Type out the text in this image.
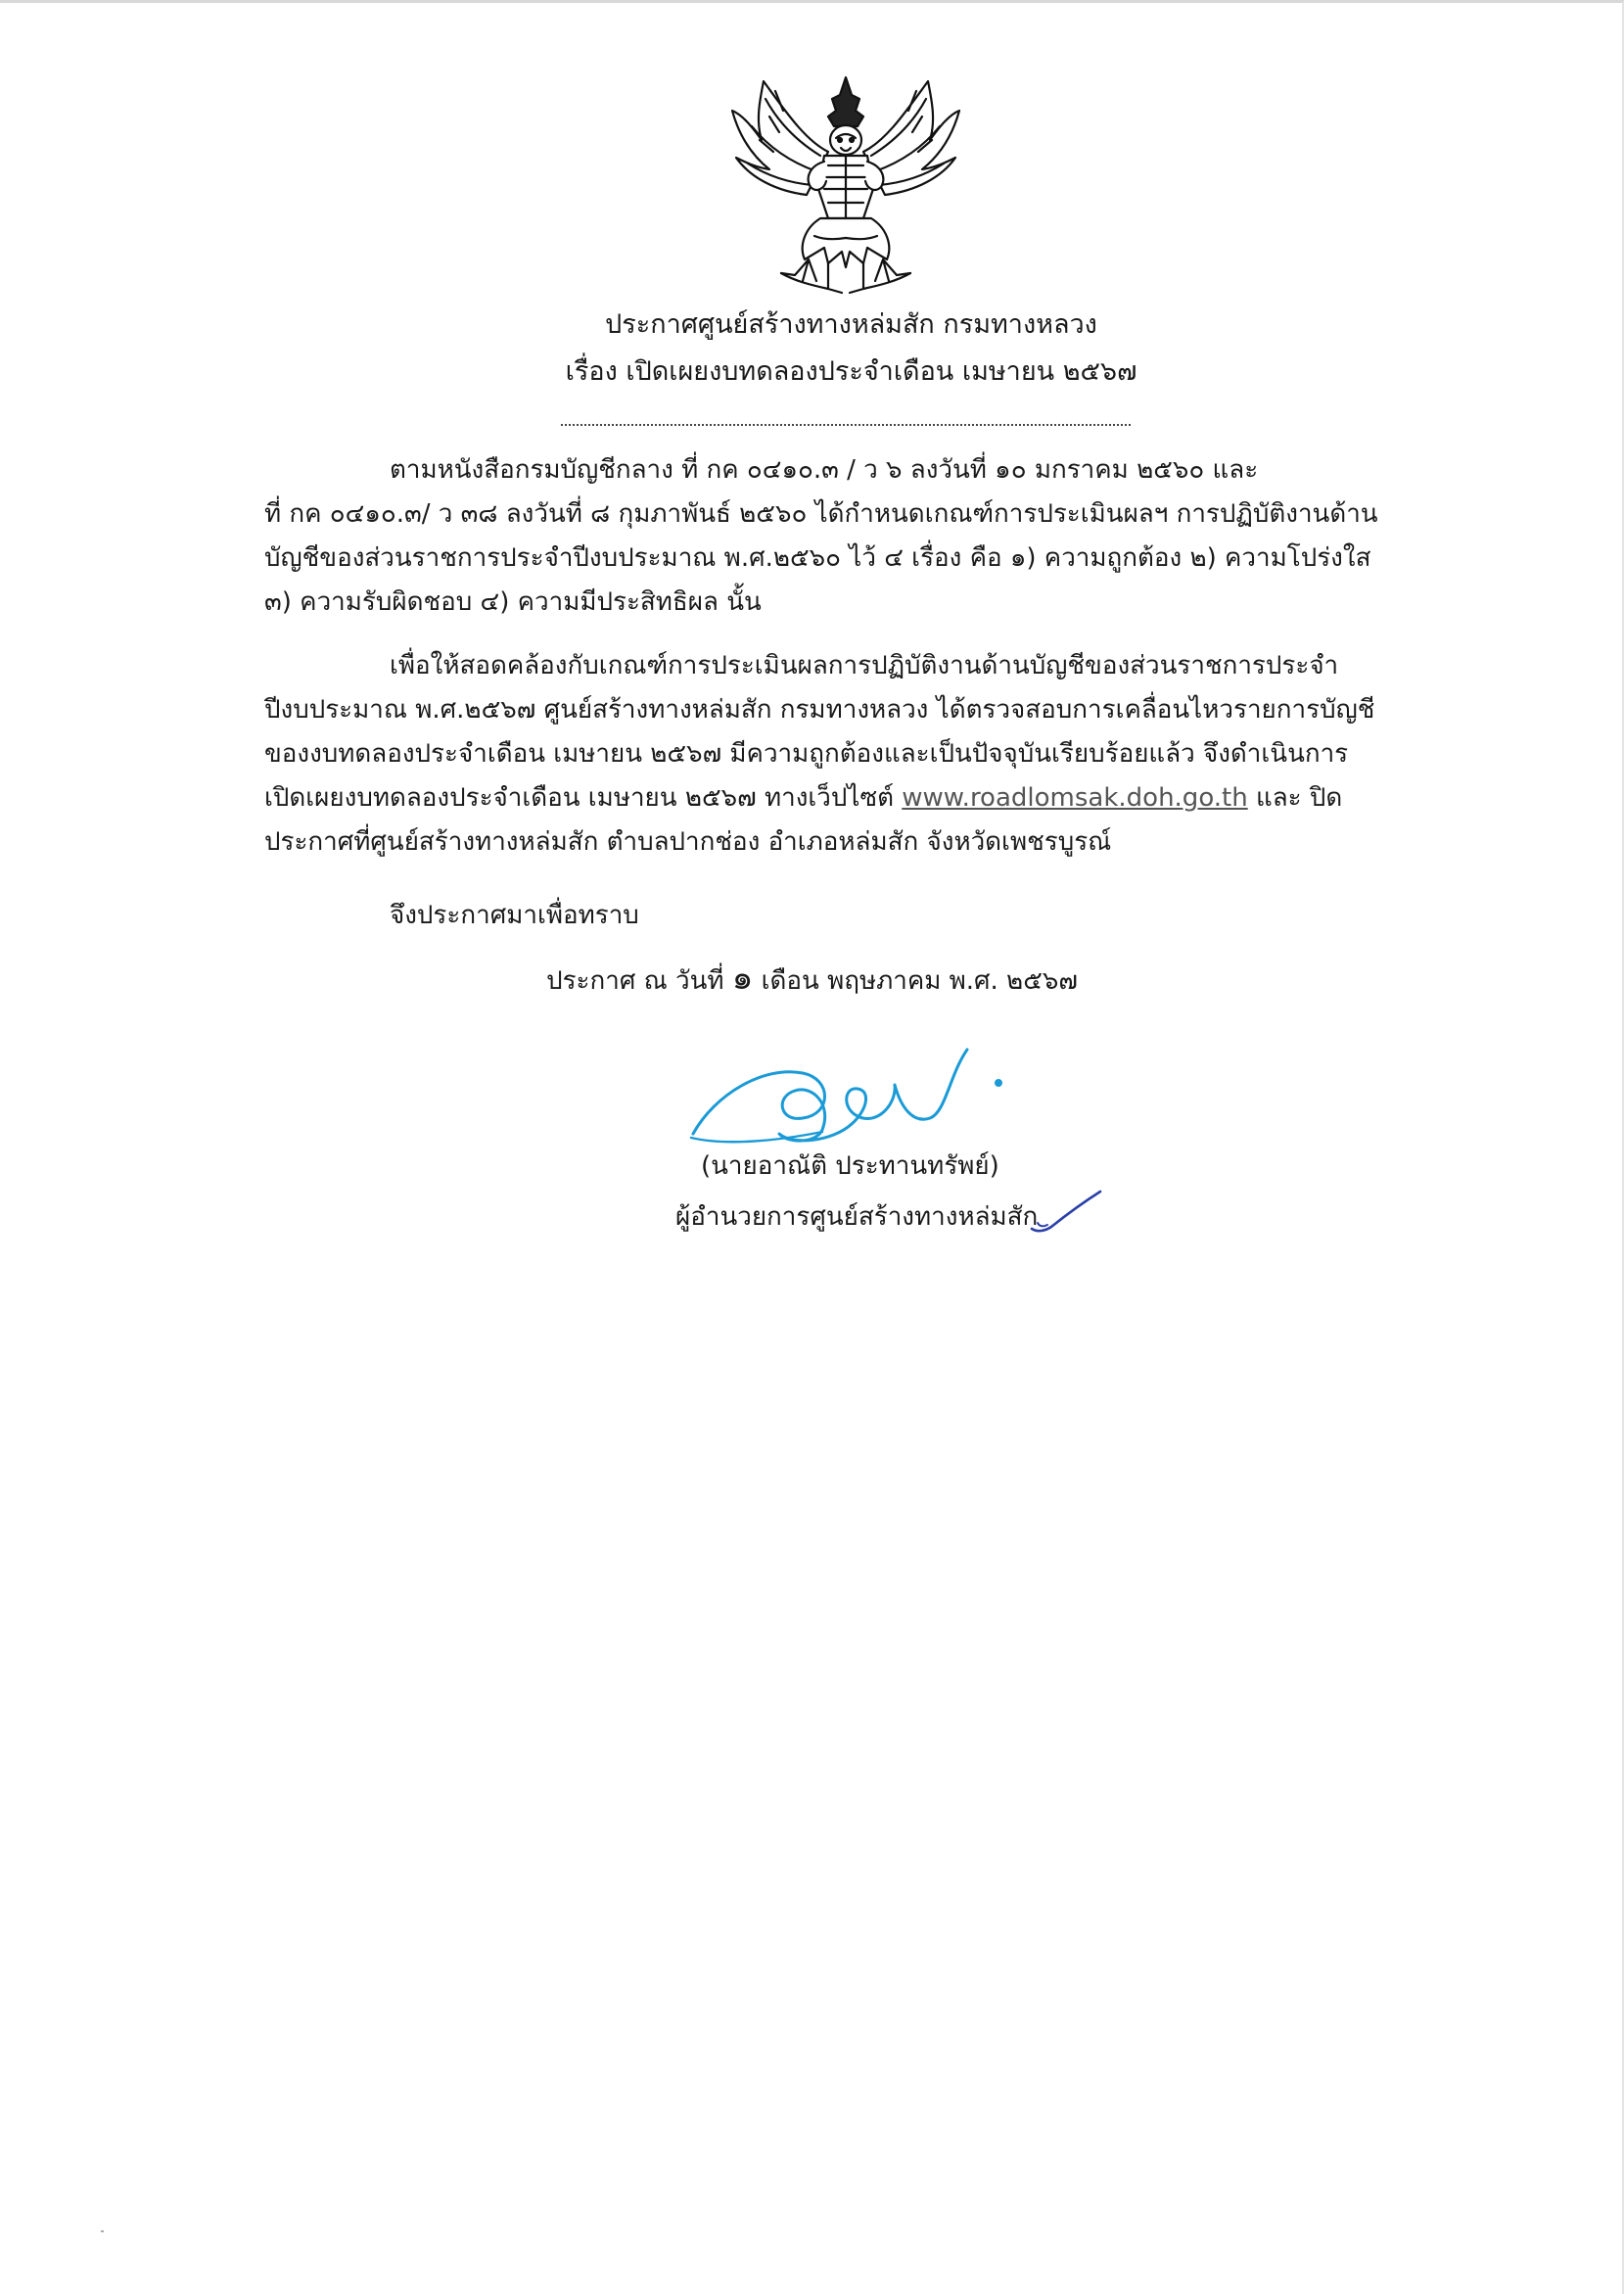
ประกาศศูนย์สร้างทางหล่มสัก กรมทางหลวง
เรื่อง เปิดเผยงบทดลองประจำเดือน เมษายน ๒๕๖๗
ตามหนังสือกรมบัญชีกลาง ที่ กค ๐๔๑๐.๓ / ว ๖ ลงวันที่ ๑๐ มกราคม ๒๕๖๐ และ
ที่ กค ๐๔๑๐.๓/ ว ๓๘ ลงวันที่ ๘ กุมภาพันธ์ ๒๕๖๐ ได้กำหนดเกณฑ์การประเมินผลฯ การปฏิบัติงานด้าน
บัญชีของส่วนราชการประจำปีงบประมาณ พ.ศ.๒๕๖๐ ไว้ ๔ เรื่อง คือ ๑) ความถูกต้อง ๒) ความโปร่งใส
๓) ความรับผิดชอบ ๔) ความมีประสิทธิผล นั้น
เพื่อให้สอดคล้องกับเกณฑ์การประเมินผลการปฏิบัติงานด้านบัญชีของส่วนราชการประจำ
ปีงบประมาณ พ.ศ.๒๕๖๗ ศูนย์สร้างทางหล่มสัก กรมทางหลวง ได้ตรวจสอบการเคลื่อนไหวรายการบัญชี
ของงบทดลองประจำเดือน เมษายน ๒๕๖๗ มีความถูกต้องและเป็นปัจจุบันเรียบร้อยแล้ว จึงดำเนินการ
เปิดเผยงบทดลองประจำเดือน เมษายน ๒๕๖๗ ทางเว็ปไซต์ www.roadlomsak.doh.go.th และ ปิด
ประกาศที่ศูนย์สร้างทางหล่มสัก ตำบลปากช่อง อำเภอหล่มสัก จังหวัดเพชรบูรณ์
จึงประกาศมาเพื่อทราบ
ประกาศ ณ วันที่ ๑ เดือน พฤษภาคม พ.ศ. ๒๕๖๗
(นายอาณัติ ประทานทรัพย์)
ผู้อำนวยการศูนย์สร้างทางหล่มสัก
